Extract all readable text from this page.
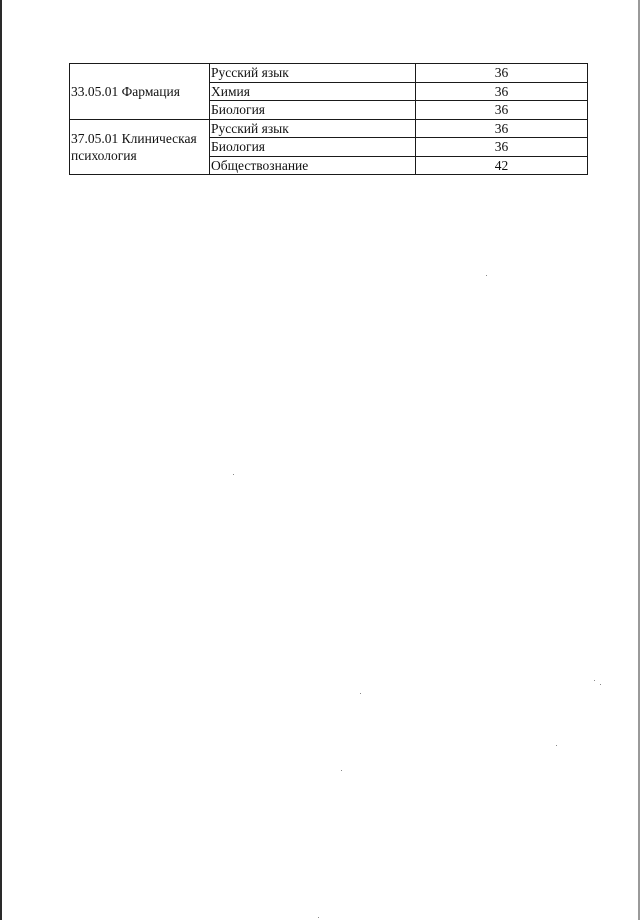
33.05.01 Фармация	Русский язык	36
	Химия	36
	Биология	36

37.05.01 Клиническая психология	Русский язык	36
	Биология	36
	Обществознание	42
